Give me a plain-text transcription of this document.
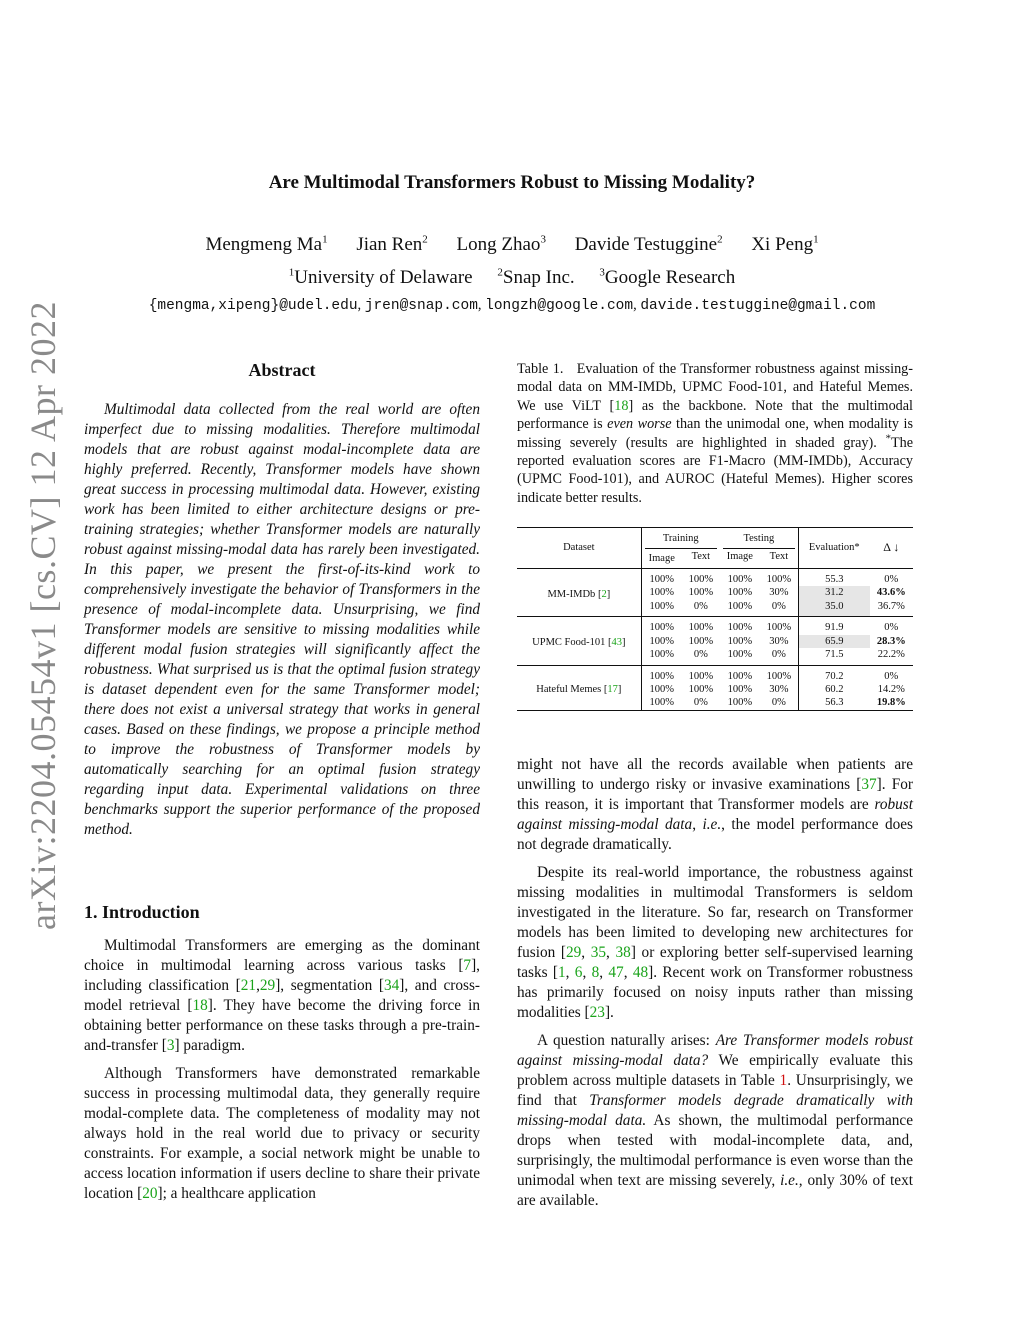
arXiv:2204.05454v1 [cs.CV] 12 Apr 2022
Are Multimodal Transformers Robust to Missing Modality?
Mengmeng Ma$^1$ Jian Ren$^2$ Long Zhao$^3$ Davide Testuggine$^2$ Xi Peng$^1$
$^1$University of Delaware $^2$Snap Inc. $^3$Google Research
{mengma,xipeng}@udel.edu, jren@snap.com, longzh@google.com, davide.testuggine@gmail.com
Abstract

Multimodal data collected from the real world are often imperfect due to missing modalities. Therefore multimodal models that are robust against modal-incomplete data are highly preferred. Recently, Transformer models have shown great success in processing multimodal data. However, existing work has been limited to either architecture designs or pre-training strategies; whether Transformer models are naturally robust against missing-modal data has rarely been investigated. In this paper, we present the first-of-its-kind work to comprehensively investigate the behavior of Transformers in the presence of modal-incomplete data. Unsurprising, we find Transformer models are sensitive to missing modalities while different modal fusion strategies will significantly affect the robustness. What surprised us is that the optimal fusion strategy is dataset dependent even for the same Transformer model; there does not exist a universal strategy that works in general cases. Based on these findings, we propose a principle method to improve the robustness of Transformer models by automatically searching for an optimal fusion strategy regarding input data. Experimental validations on three benchmarks support the superior performance of the proposed method.

1. Introduction

Multimodal Transformers are emerging as the dominant choice in multimodal learning across various tasks [7], including classification [21,29], segmentation [34], and cross-model retrieval [18]. They have become the driving force in obtaining better performance on these tasks through a pre-train-and-transfer [3] paradigm.

Although Transformers have demonstrated remarkable success in processing multimodal data, they generally require modal-complete data. The completeness of modality may not always hold in the real world due to privacy or security constraints. For example, a social network might be unable to access location information if users decline to share their private location [20]; a healthcare application

Table 1. Evaluation of the Transformer robustness against missing-modal data on MM-IMDb, UPMC Food-101, and Hateful Memes. We use ViLT [18] as the backbone. Note that the multimodal performance is even worse than the unimodal one, when modality is missing severely (results are highlighted in shaded gray). *The reported evaluation scores are F1-Macro (MM-IMDb), Accuracy (UPMC Food-101), and AUROC (Hateful Memes). Higher scores indicate better results.

Dataset	Training		Testing		Evaluation*	Δ ↓
	Image	Text	Image	Text		
MM-IMDb [2]	100%	100%	100%	100%	55.3	0%
	100%	100%	100%	30%	31.2	43.6%
	100%	0%	100%	0%	35.0	36.7%
UPMC Food-101 [43]	100%	100%	100%	100%	91.9	0%
	100%	100%	100%	30%	65.9	28.3%
	100%	0%	100%	0%	71.5	22.2%
Hateful Memes [17]	100%	100%	100%	100%	70.2	0%
	100%	100%	100%	30%	60.2	14.2%
	100%	0%	100%	0%	56.3	19.8%

might not have all the records available when patients are unwilling to undergo risky or invasive examinations [37]. For this reason, it is important that Transformer models are robust against missing-modal data, i.e., the model performance does not degrade dramatically.

Despite its real-world importance, the robustness against missing modalities in multimodal Transformers is seldom investigated in the literature. So far, research on Transformer models has been limited to developing new architectures for fusion [29, 35, 38] or exploring better self-supervised learning tasks [1, 6, 8, 47, 48]. Recent work on Transformer robustness has primarily focused on noisy inputs rather than missing modalities [23].

A question naturally arises: Are Transformer models robust against missing-modal data? We empirically evaluate this problem across multiple datasets in Table 1. Unsurprisingly, we find that Transformer models degrade dramatically with missing-modal data. As shown, the multimodal performance drops when tested with modal-incomplete data, and, surprisingly, the multimodal performance is even worse than the unimodal when text are missing severely, i.e., only 30% of text are available.
